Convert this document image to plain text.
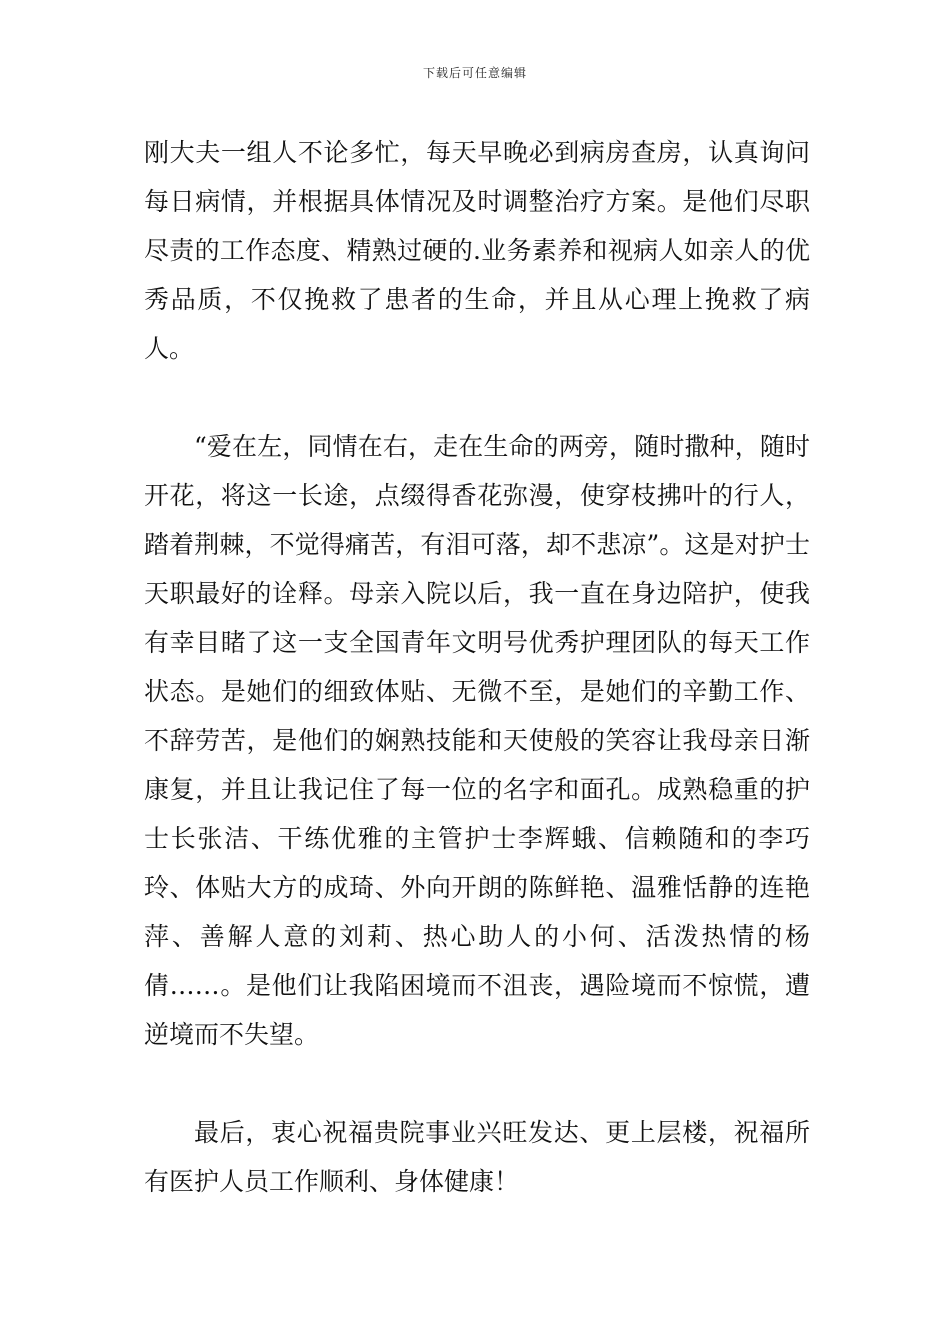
下载后可任意编辑

刚大夫一组人不论多忙，每天早晚必到病房查房，认真询问每日病情，并根据具体情况及时调整治疗方案。是他们尽职尽责的工作态度、精熟过硬的.业务素养和视病人如亲人的优秀品质，不仅挽救了患者的生命，并且从心理上挽救了病人。

“爱在左，同情在右，走在生命的两旁，随时撒种，随时开花，将这一长途，点缀得香花弥漫，使穿枝拂叶的行人，踏着荆棘，不觉得痛苦，有泪可落，却不悲凉”。这是对护士天职最好的诠释。母亲入院以后，我一直在身边陪护，使我有幸目睹了这一支全国青年文明号优秀护理团队的每天工作状态。是她们的细致体贴、无微不至，是她们的辛勤工作、不辞劳苦，是他们的娴熟技能和天使般的笑容让我母亲日渐康复，并且让我记住了每一位的名字和面孔。成熟稳重的护士长张洁、干练优雅的主管护士李辉蛾、信赖随和的李巧玲、体贴大方的成琦、外向开朗的陈鲜艳、温雅恬静的连艳萍、善解人意的刘莉、热心助人的小何、活泼热情的杨倩……。是他们让我陷困境而不沮丧，遇险境而不惊慌，遭逆境而不失望。

最后，衷心祝福贵院事业兴旺发达、更上层楼，祝福所有医护人员工作顺利、身体健康！
